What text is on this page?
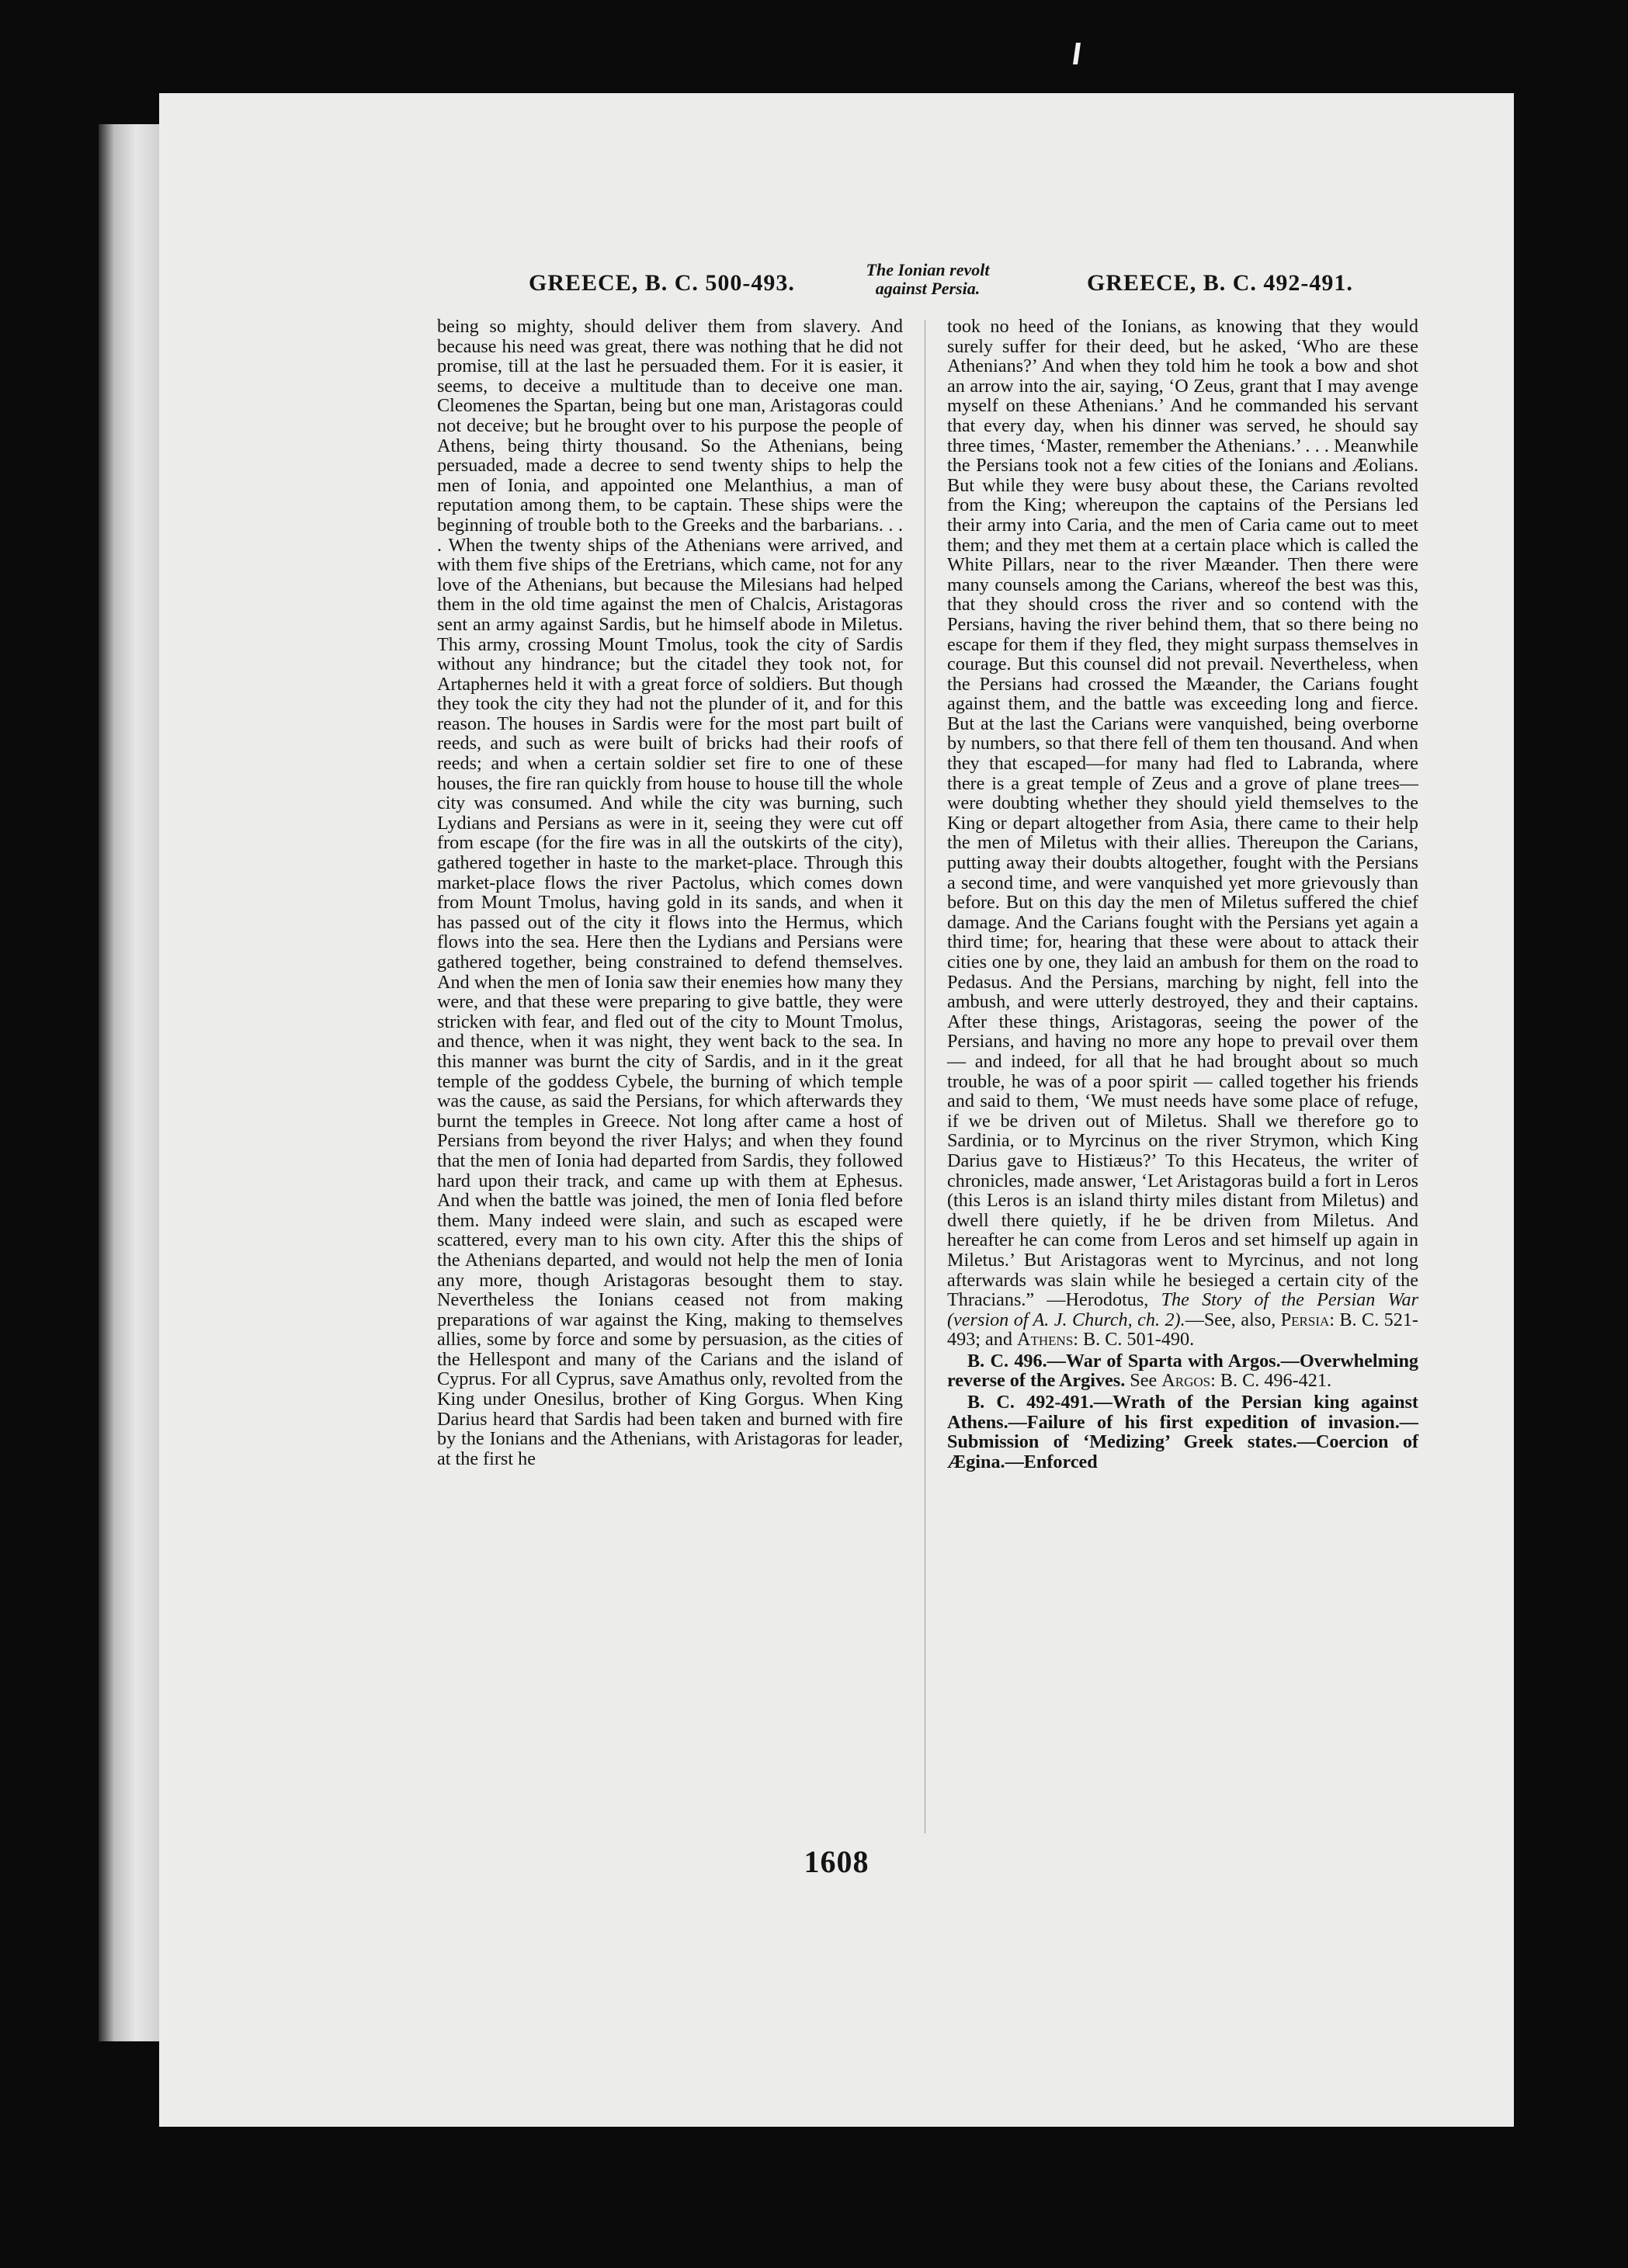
GREECE, B. C. 500-493.
The Ionian revolt
against Persia.	GREECE, B. C. 492-491.

being so mighty, should deliver them from slavery. And because his need was great, there was nothing that he did not promise, till at the last he persuaded them. For it is easier, it seems, to deceive a multitude than to deceive one man. Cleomenes the Spartan, being but one man, Aristagoras could not deceive; but he brought over to his purpose the people of Athens, being thirty thousand. So the Athenians, being persuaded, made a decree to send twenty ships to help the men of Ionia, and appointed one Melanthius, a man of reputation among them, to be captain. These ships were the beginning of trouble both to the Greeks and the barbarians. . . . When the twenty ships of the Athenians were arrived, and with them five ships of the Eretrians, which came, not for any love of the Athenians, but because the Milesians had helped them in the old time against the men of Chalcis, Aristagoras sent an army against Sardis, but he himself abode in Miletus. This army, crossing Mount Tmolus, took the city of Sardis without any hindrance; but the citadel they took not, for Artaphernes held it with a great force of soldiers. But though they took the city they had not the plunder of it, and for this reason. The houses in Sardis were for the most part built of reeds, and such as were built of bricks had their roofs of reeds; and when a certain soldier set fire to one of these houses, the fire ran quickly from house to house till the whole city was consumed. And while the city was burning, such Lydians and Persians as were in it, seeing they were cut off from escape (for the fire was in all the outskirts of the city), gathered together in haste to the market-place. Through this market-place flows the river Pactolus, which comes down from Mount Tmolus, having gold in its sands, and when it has passed out of the city it flows into the Hermus, which flows into the sea. Here then the Lydians and Persians were gathered together, being constrained to defend themselves. And when the men of Ionia saw their enemies how many they were, and that these were preparing to give battle, they were stricken with fear, and fled out of the city to Mount Tmolus, and thence, when it was night, they went back to the sea. In this manner was burnt the city of Sardis, and in it the great temple of the goddess Cybele, the burning of which temple was the cause, as said the Persians, for which afterwards they burnt the temples in Greece. Not long after came a host of Persians from beyond the river Halys; and when they found that the men of Ionia had departed from Sardis, they followed hard upon their track, and came up with them at Ephesus. And when the battle was joined, the men of Ionia fled before them. Many indeed were slain, and such as escaped were scattered, every man to his own city. After this the ships of the Athenians departed, and would not help the men of Ionia any more, though Aristagoras besought them to stay. Nevertheless the Ionians ceased not from making preparations of war against the King, making to themselves allies, some by force and some by persuasion, as the cities of the Hellespont and many of the Carians and the island of Cyprus. For all Cyprus, save Amathus only, revolted from the King under Onesilus, brother of King Gorgus. When King Darius heard that Sardis had been taken and burned with fire by the Ionians and the Athenians, with Aristagoras for leader, at the first he

took no heed of the Ionians, as knowing that they would surely suffer for their deed, but he asked, ‘Who are these Athenians?’ And when they told him he took a bow and shot an arrow into the air, saying, ‘O Zeus, grant that I may avenge myself on these Athenians.’ And he commanded his servant that every day, when his dinner was served, he should say three times, ‘Master, remember the Athenians.’ . . . Meanwhile the Persians took not a few cities of the Ionians and Æolians. But while they were busy about these, the Carians revolted from the King; whereupon the captains of the Persians led their army into Caria, and the men of Caria came out to meet them; and they met them at a certain place which is called the White Pillars, near to the river Mæander. Then there were many counsels among the Carians, whereof the best was this, that they should cross the river and so contend with the Persians, having the river behind them, that so there being no escape for them if they fled, they might surpass themselves in courage. But this counsel did not prevail. Nevertheless, when the Persians had crossed the Mæander, the Carians fought against them, and the battle was exceeding long and fierce. But at the last the Carians were vanquished, being overborne by numbers, so that there fell of them ten thousand. And when they that escaped—for many had fled to Labranda, where there is a great temple of Zeus and a grove of plane trees—were doubting whether they should yield themselves to the King or depart altogether from Asia, there came to their help the men of Miletus with their allies. Thereupon the Carians, putting away their doubts altogether, fought with the Persians a second time, and were vanquished yet more grievously than before. But on this day the men of Miletus suffered the chief damage. And the Carians fought with the Persians yet again a third time; for, hearing that these were about to attack their cities one by one, they laid an ambush for them on the road to Pedasus. And the Persians, marching by night, fell into the ambush, and were utterly destroyed, they and their captains. After these things, Aristagoras, seeing the power of the Persians, and having no more any hope to prevail over them — and indeed, for all that he had brought about so much trouble, he was of a poor spirit — called together his friends and said to them, ‘We must needs have some place of refuge, if we be driven out of Miletus. Shall we therefore go to Sardinia, or to Myrcinus on the river Strymon, which King Darius gave to Histiæus?’ To this Hecateus, the writer of chronicles, made answer, ‘Let Aristagoras build a fort in Leros (this Leros is an island thirty miles distant from Miletus) and dwell there quietly, if he be driven from Miletus. And hereafter he can come from Leros and set himself up again in Miletus.’ But Aristagoras went to Myrcinus, and not long afterwards was slain while he besieged a certain city of the Thracians.” —Herodotus, The Story of the Persian War (version of A. J. Church, ch. 2).—See, also, Persia: B. C. 521-493; and Athens: B. C. 501-490.

B. C. 496.—War of Sparta with Argos.—Overwhelming reverse of the Argives. See Argos: B. C. 496-421.

B. C. 492-491.—Wrath of the Persian king against Athens.—Failure of his first expedition of invasion.—Submission of ‘Medizing’ Greek states.—Coercion of Ægina.—Enforced

1608
